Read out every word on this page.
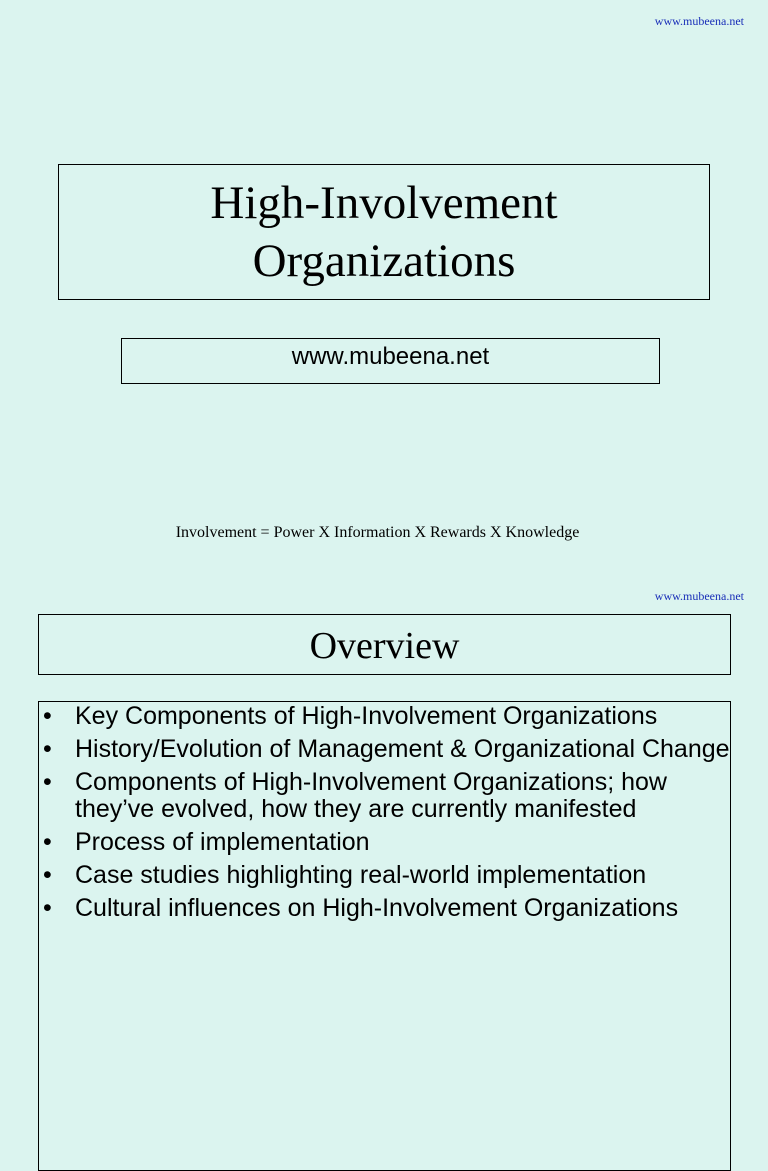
www.mubeena.net
High-Involvement Organizations
www.mubeena.net
Involvement = Power X Information X Rewards X Knowledge
www.mubeena.net
Overview
• Key Components of High-Involvement Organizations
• History/Evolution of Management & Organizational Change
• Components of High-Involvement Organizations; how they’ve evolved, how they are currently manifested
• Process of implementation
• Case studies highlighting real-world implementation
• Cultural influences on High-Involvement Organizations
